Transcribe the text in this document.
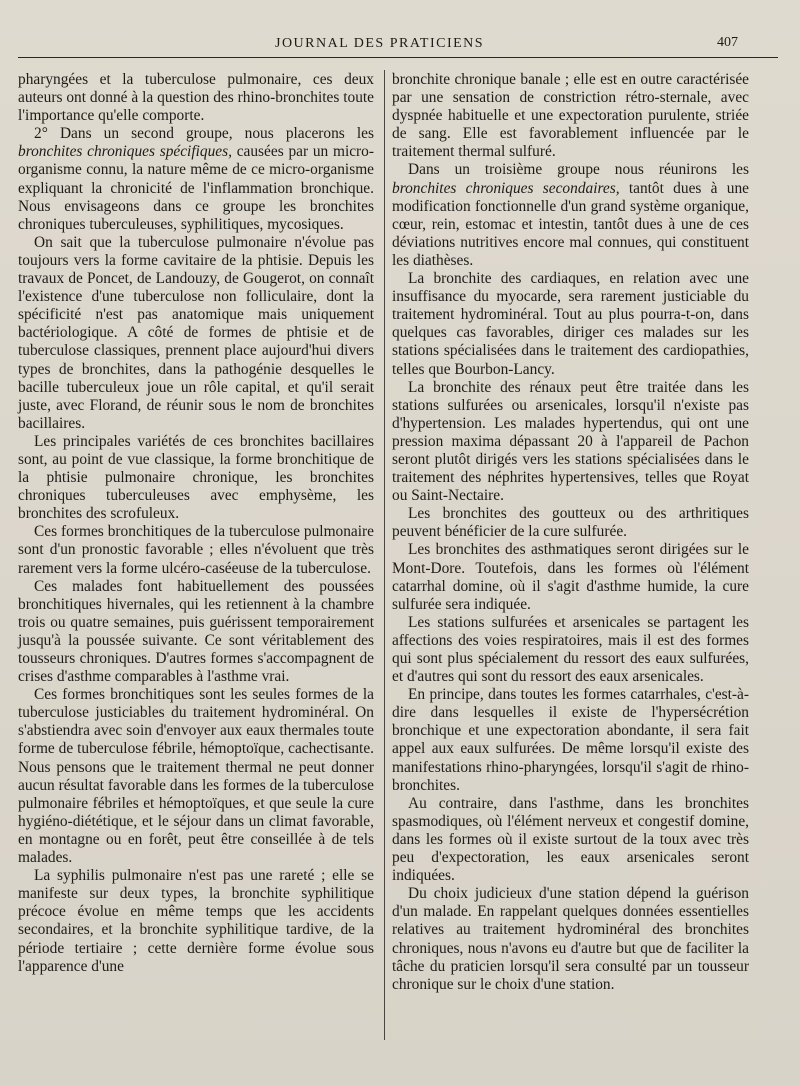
JOURNAL DES PRATICIENS	407

pharyngées et la tuberculose pulmonaire, ces deux auteurs ont donné à la question des rhino-bronchites toute l'importance qu'elle comporte.

2° Dans un second groupe, nous placerons les bronchites chroniques spécifiques, causées par un micro-organisme connu, la nature même de ce micro-organisme expliquant la chronicité de l'inflammation bronchique. Nous envisageons dans ce groupe les bronchites chroniques tuberculeuses, syphilitiques, mycosiques.

On sait que la tuberculose pulmonaire n'évolue pas toujours vers la forme cavitaire de la phtisie. Depuis les travaux de Poncet, de Landouzy, de Gougerot, on connaît l'existence d'une tuberculose non folliculaire, dont la spécificité n'est pas anatomique mais uniquement bactériologique. A côté de formes de phtisie et de tuberculose classiques, prennent place aujourd'hui divers types de bronchites, dans la pathogénie desquelles le bacille tuberculeux joue un rôle capital, et qu'il serait juste, avec Florand, de réunir sous le nom de bronchites bacillaires.

Les principales variétés de ces bronchites bacillaires sont, au point de vue classique, la forme bronchitique de la phtisie pulmonaire chronique, les bronchites chroniques tuberculeuses avec emphysème, les bronchites des scrofuleux.

Ces formes bronchitiques de la tuberculose pulmonaire sont d'un pronostic favorable ; elles n'évoluent que très rarement vers la forme ulcéro-caséeuse de la tuberculose.

Ces malades font habituellement des poussées bronchitiques hivernales, qui les retiennent à la chambre trois ou quatre semaines, puis guérissent temporairement jusqu'à la poussée suivante. Ce sont véritablement des tousseurs chroniques. D'autres formes s'accompagnent de crises d'asthme comparables à l'asthme vrai.

Ces formes bronchitiques sont les seules formes de la tuberculose justiciables du traitement hydrominéral. On s'abstiendra avec soin d'envoyer aux eaux thermales toute forme de tuberculose fébrile, hémoptoïque, cachectisante. Nous pensons que le traitement thermal ne peut donner aucun résultat favorable dans les formes de la tuberculose pulmonaire fébriles et hémoptoïques, et que seule la cure hygiéno-diététique, et le séjour dans un climat favorable, en montagne ou en forêt, peut être conseillée à de tels malades.

La syphilis pulmonaire n'est pas une rareté ; elle se manifeste sur deux types, la bronchite syphilitique précoce évolue en même temps que les accidents secondaires, et la bronchite syphilitique tardive, de la période tertiaire ; cette dernière forme évolue sous l'apparence d'une

bronchite chronique banale ; elle est en outre caractérisée par une sensation de constriction rétro-sternale, avec dyspnée habituelle et une expectoration purulente, striée de sang. Elle est favorablement influencée par le traitement thermal sulfuré.

Dans un troisième groupe nous réunirons les bronchites chroniques secondaires, tantôt dues à une modification fonctionnelle d'un grand système organique, cœur, rein, estomac et intestin, tantôt dues à une de ces déviations nutritives encore mal connues, qui constituent les diathèses.

La bronchite des cardiaques, en relation avec une insuffisance du myocarde, sera rarement justiciable du traitement hydrominéral. Tout au plus pourra-t-on, dans quelques cas favorables, diriger ces malades sur les stations spécialisées dans le traitement des cardiopathies, telles que Bourbon-Lancy.

La bronchite des rénaux peut être traitée dans les stations sulfurées ou arsenicales, lorsqu'il n'existe pas d'hypertension. Les malades hypertendus, qui ont une pression maxima dépassant 20 à l'appareil de Pachon seront plutôt dirigés vers les stations spécialisées dans le traitement des néphrites hypertensives, telles que Royat ou Saint-Nectaire.

Les bronchites des goutteux ou des arthritiques peuvent bénéficier de la cure sulfurée.

Les bronchites des asthmatiques seront dirigées sur le Mont-Dore. Toutefois, dans les formes où l'élément catarrhal domine, où il s'agit d'asthme humide, la cure sulfurée sera indiquée.

Les stations sulfurées et arsenicales se partagent les affections des voies respiratoires, mais il est des formes qui sont plus spécialement du ressort des eaux sulfurées, et d'autres qui sont du ressort des eaux arsenicales.

En principe, dans toutes les formes catarrhales, c'est-à-dire dans lesquelles il existe de l'hypersécrétion bronchique et une expectoration abondante, il sera fait appel aux eaux sulfurées. De même lorsqu'il existe des manifestations rhino-pharyngées, lorsqu'il s'agit de rhino-bronchites.

Au contraire, dans l'asthme, dans les bronchites spasmodiques, où l'élément nerveux et congestif domine, dans les formes où il existe surtout de la toux avec très peu d'expectoration, les eaux arsenicales seront indiquées.

Du choix judicieux d'une station dépend la guérison d'un malade. En rappelant quelques données essentielles relatives au traitement hydrominéral des bronchites chroniques, nous n'avons eu d'autre but que de faciliter la tâche du praticien lorsqu'il sera consulté par un tousseur chronique sur le choix d'une station.
